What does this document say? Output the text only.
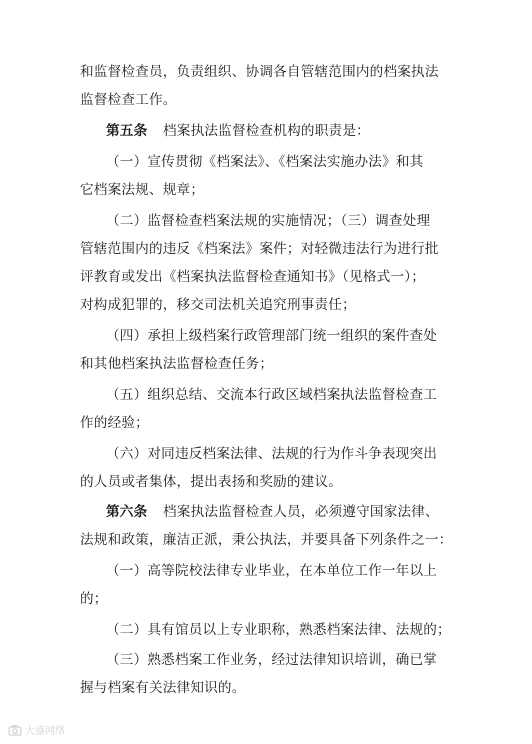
和监督检查员，负责组织、协调各自管辖范围内的档案执法
监督检查工作。
第五条 档案执法监督检查机构的职责是：
（一）宣传贯彻《档案法》、《档案法实施办法》和其
它档案法规、规章；
（二）监督检查档案法规的实施情况；（三）调查处理
管辖范围内的违反《档案法》案件；对轻微违法行为进行批
评教育或发出《档案执法监督检查通知书》（见格式一）；
对构成犯罪的，移交司法机关追究刑事责任；
（四）承担上级档案行政管理部门统一组织的案件查处
和其他档案执法监督检查任务；
（五）组织总结、交流本行政区域档案执法监督检查工
作的经验；
（六）对同违反档案法律、法规的行为作斗争表现突出
的人员或者集体，提出表扬和奖励的建议。
第六条 档案执法监督检查人员，必须遵守国家法律、
法规和政策，廉洁正派，秉公执法，并要具备下列条件之一：
（一）高等院校法律专业毕业，在本单位工作一年以上
的；
（二）具有馆员以上专业职称，熟悉档案法律、法规的；
（三）熟悉档案工作业务，经过法律知识培训，确已掌
握与档案有关法律知识的。
大盛网络
